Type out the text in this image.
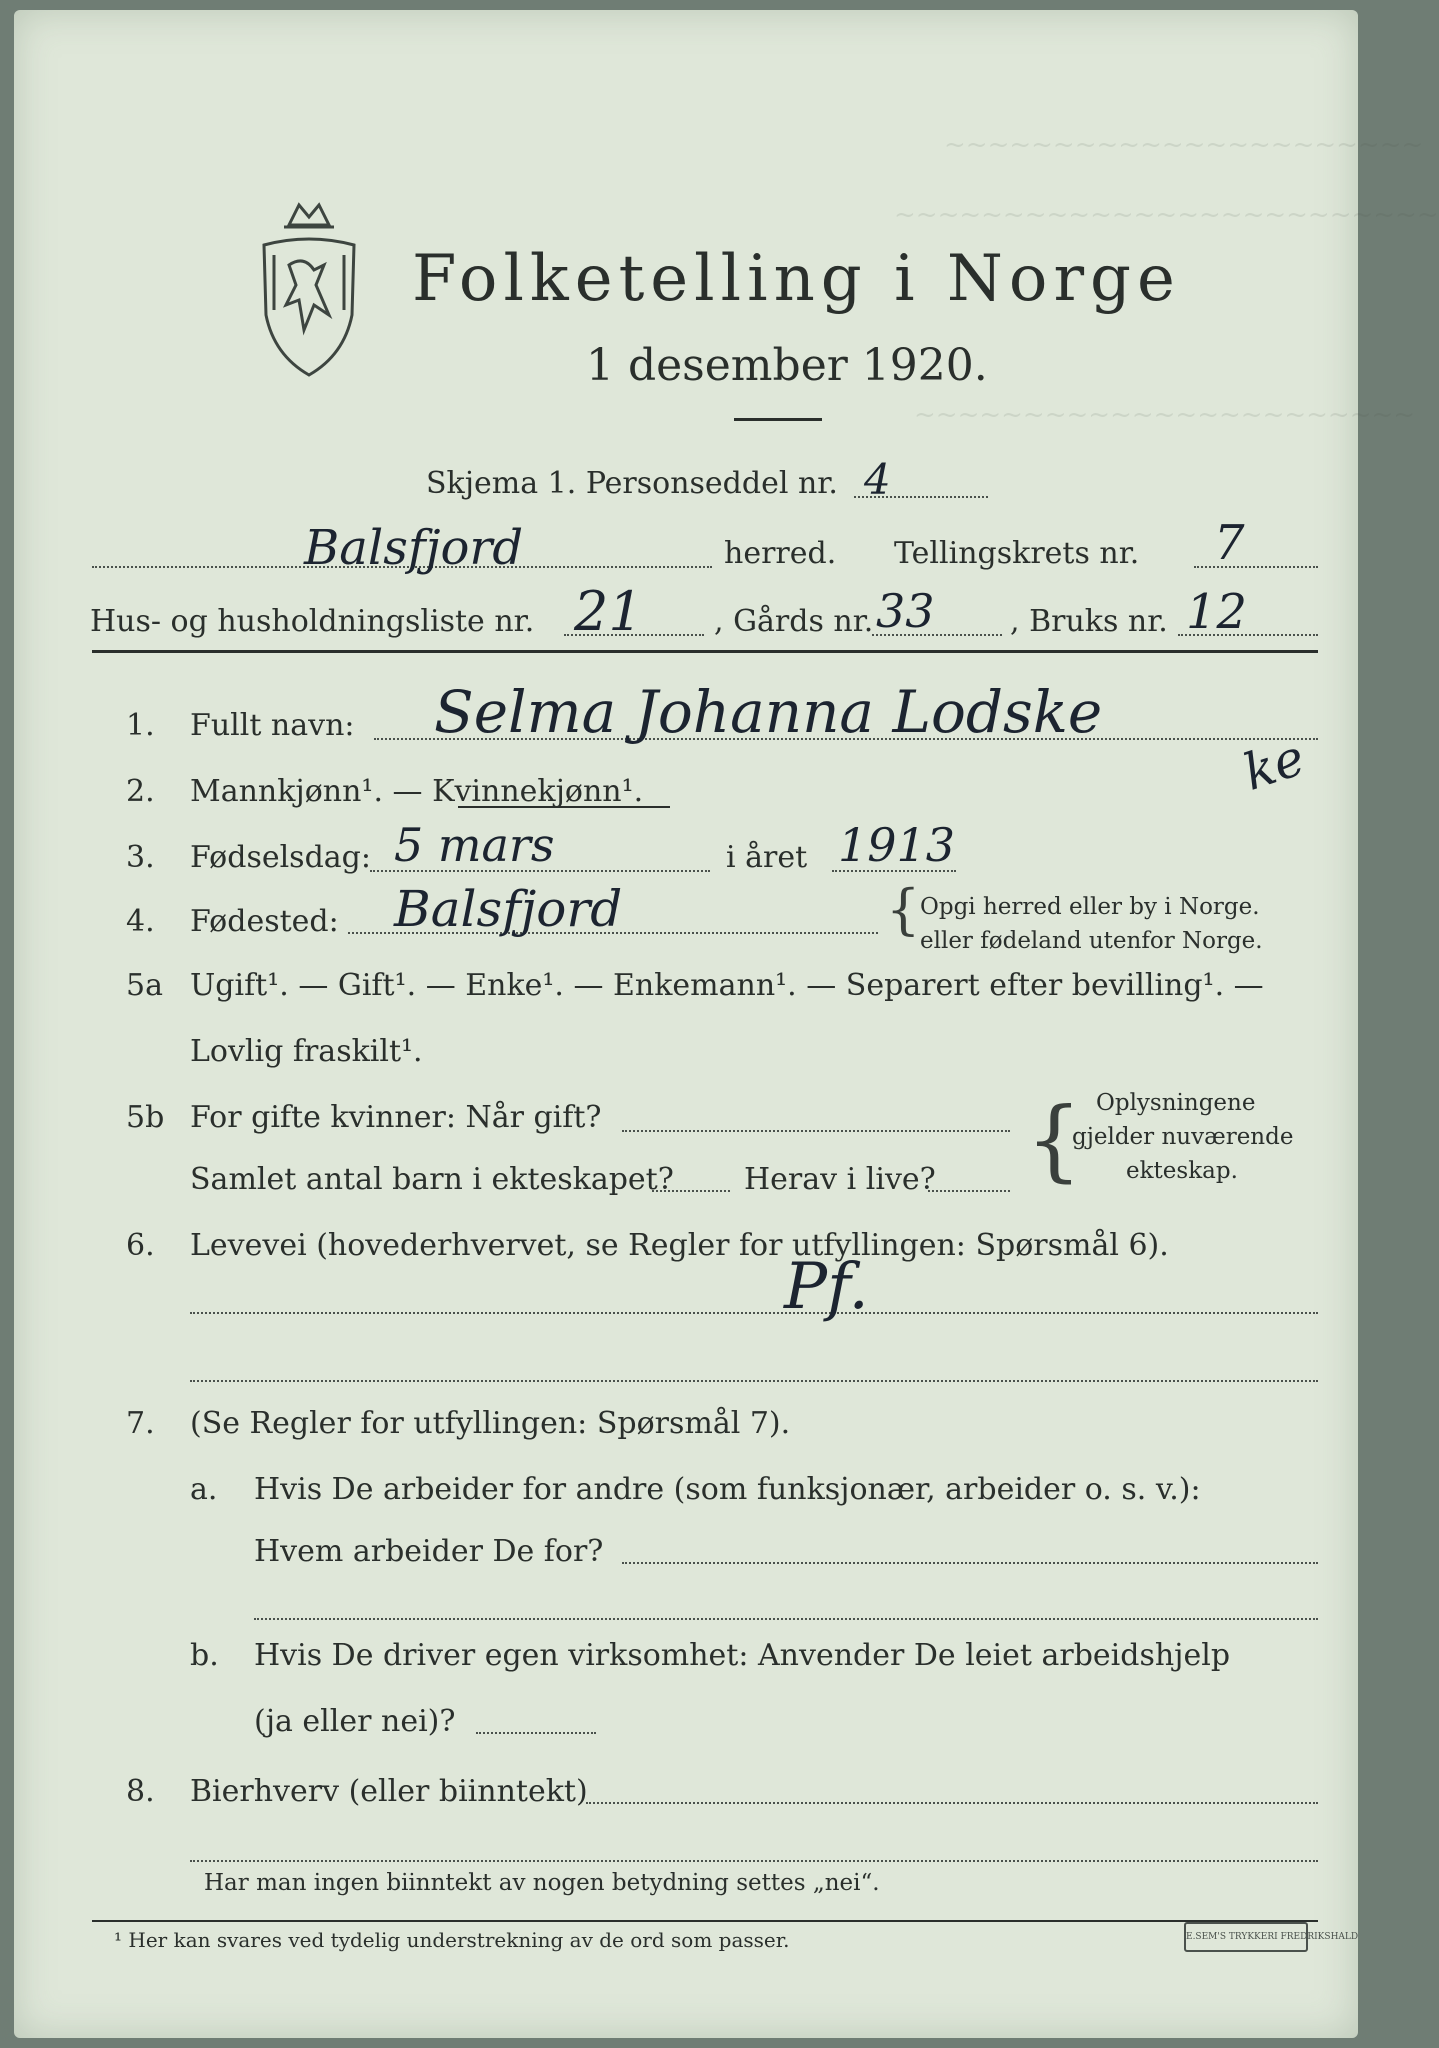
~~~~~~~~~~~~~~~~~~~~~~
~~~~~~~~~~~~~~~~~~~~~~~~~
~~~~~~~~~~~~~~~~~~~~~~~
Folketelling i Norge
1 desember 1920.
Skjema 1. Personseddel nr. 4
Balsfjord	herred. Tellingskrets nr. 7
Hus- og husholdningsliste nr. 21 , Gårds nr. 33	, Bruks nr. 12
1. Fullt navn: Selma Johanna Lodske
ke
2. Mannkjønn¹. — Kvinnekjønn¹.
3. Fødselsdag: 5 mars	i året 1913
4. Fødested: Balsfjord	{ Opgi herred eller by i Norge.
eller fødeland utenfor Norge.
5a Ugift¹. — Gift¹. — Enke¹. — Enkemann¹. — Separert efter bevilling¹. —
Lovlig fraskilt¹.
5b For gifte kvinner: Når gift?
Samlet antal barn i ekteskapet? Herav i live? { Oplysningene
gjelder nuværende
ekteskap.
6. Levevei (hovederhvervet, se Regler for utfyllingen: Spørsmål 6).
Pf.
7. (Se Regler for utfyllingen: Spørsmål 7).
a. Hvis De arbeider for andre (som funksjonær, arbeider o. s. v.):
Hvem arbeider De for?
b. Hvis De driver egen virksomhet: Anvender De leiet arbeidshjelp
(ja eller nei)?
8. Bierhverv (eller biinntekt)
Har man ingen biinntekt av nogen betydning settes „nei“.
¹ Her kan svares ved tydelig understrekning av de ord som passer.	E.SEM'S TRYKKERI FREDRIKSHALD
